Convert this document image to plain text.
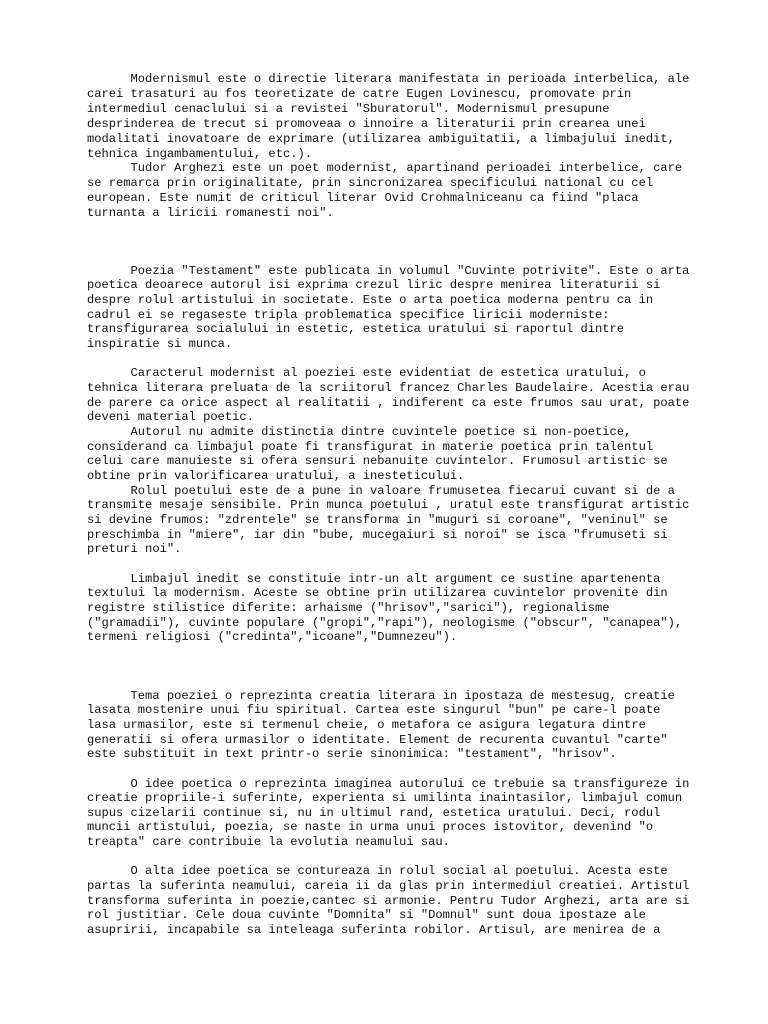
Modernismul este o directie literara manifestata in perioada interbelica, ale

carei trasaturi au fos teoretizate de catre Eugen Lovinescu, promovate prin

intermediul cenaclului si a revistei "Sburatorul". Modernismul presupune

desprinderea de trecut si promoveaa o innoire a literaturii prin crearea unei

modalitati inovatoare de exprimare (utilizarea ambiguitatii, a limbajului inedit,

tehnica ingambamentului, etc.).

Tudor Arghezi este un poet modernist, apartinand perioadei interbelice, care

se remarca prin originalitate, prin sincronizarea specificului national cu cel

european. Este numit de criticul literar Ovid Crohmalniceanu ca fiind "placa

turnanta a liricii romanesti noi".

Poezia "Testament" este publicata in volumul "Cuvinte potrivite". Este o arta

poetica deoarece autorul isi exprima crezul liric despre menirea literaturii si

despre rolul artistului in societate. Este o arta poetica moderna pentru ca in

cadrul ei se regaseste tripla problematica specifice liricii moderniste:

transfigurarea socialului in estetic, estetica uratului si raportul dintre

inspiratie si munca.

Caracterul modernist al poeziei este evidentiat de estetica uratului, o

tehnica literara preluata de la scriitorul francez Charles Baudelaire. Acestia erau

de parere ca orice aspect al realitatii , indiferent ca este frumos sau urat, poate

deveni material poetic.

Autorul nu admite distinctia dintre cuvintele poetice si non-poetice,

considerand ca limbajul poate fi transfigurat in materie poetica prin talentul

celui care manuieste si ofera sensuri nebanuite cuvintelor. Frumosul artistic se

obtine prin valorificarea uratului, a inesteticului.

Rolul poetului este de a pune in valoare frumusetea fiecarui cuvant si de a

transmite mesaje sensibile. Prin munca poetului , uratul este transfigurat artistic

si devine frumos: "zdrentele" se transforma in "muguri si coroane", "veninul" se

preschimba in "miere", iar din "bube, mucegaiuri si noroi" se isca "frumuseti si

preturi noi".

Limbajul inedit se constituie intr-un alt argument ce sustine apartenenta

textului la modernism. Aceste se obtine prin utilizarea cuvintelor provenite din

registre stilistice diferite: arhaisme ("hrisov","sarici"), regionalisme

("gramadii"), cuvinte populare ("gropi","rapi"), neologisme ("obscur", "canapea"),

termeni religiosi ("credinta","icoane","Dumnezeu").

Tema poeziei o reprezinta creatia literara in ipostaza de mestesug, creatie

lasata mostenire unui fiu spiritual. Cartea este singurul "bun" pe care-l poate

lasa urmasilor, este si termenul cheie, o metafora ce asigura legatura dintre

generatii si ofera urmasilor o identitate. Element de recurenta cuvantul "carte"

este substituit in text printr-o serie sinonimica: "testament", "hrisov".

O idee poetica o reprezinta imaginea autorului ce trebuie sa transfigureze in

creatie propriile-i suferinte, experienta si umilinta inaintasilor, limbajul comun

supus cizelarii continue si, nu in ultimul rand, estetica uratului. Deci, rodul

muncii artistului, poezia, se naste in urma unui proces istovitor, devenind "o

treapta" care contribuie la evolutia neamului sau.

O alta idee poetica se contureaza in rolul social al poetului. Acesta este

partas la suferinta neamului, careia ii da glas prin intermediul creatiei. Artistul

transforma suferinta in poezie,cantec si armonie. Pentru Tudor Arghezi, arta are si

rol justitiar. Cele doua cuvinte "Domnita" si "Domnul" sunt doua ipostaze ale

asupririi, incapabile sa inteleaga suferinta robilor. Artisul, are menirea de a
